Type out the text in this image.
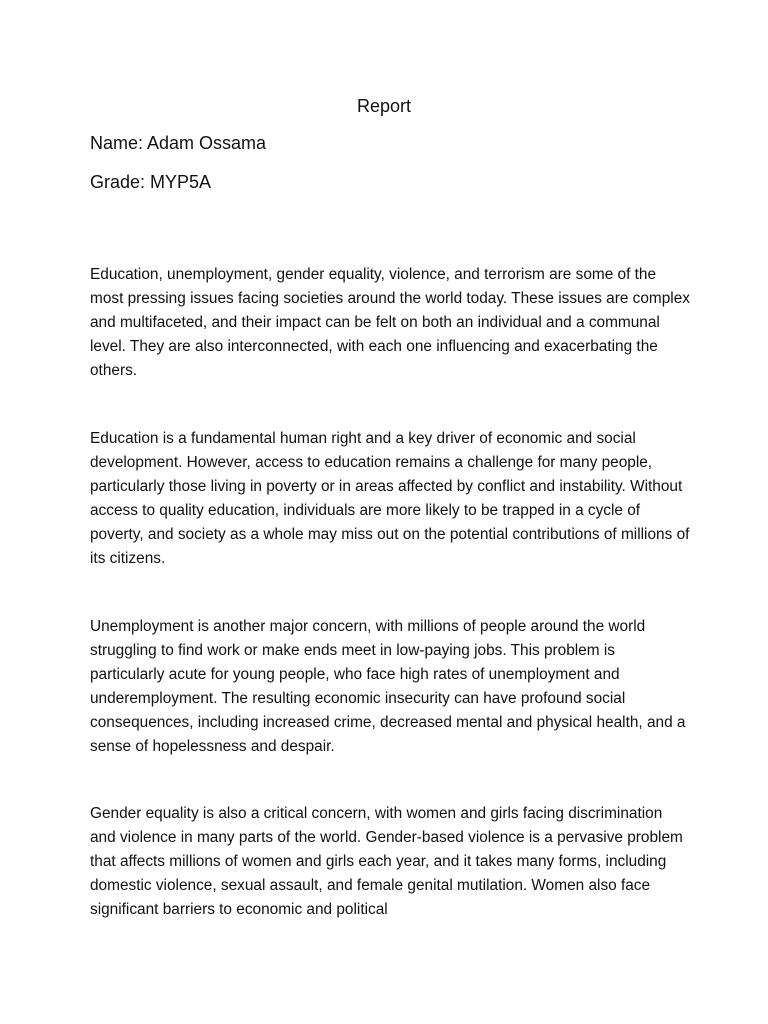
Report

Name: Adam Ossama

Grade: MYP5A

Education, unemployment, gender equality, violence, and terrorism are some of the most pressing issues facing societies around the world today. These issues are complex and multifaceted, and their impact can be felt on both an individual and a communal level. They are also interconnected, with each one influencing and exacerbating the others.

Education is a fundamental human right and a key driver of economic and social development. However, access to education remains a challenge for many people, particularly those living in poverty or in areas affected by conflict and instability. Without access to quality education, individuals are more likely to be trapped in a cycle of poverty, and society as a whole may miss out on the potential contributions of millions of its citizens.

Unemployment is another major concern, with millions of people around the world struggling to find work or make ends meet in low-paying jobs. This problem is particularly acute for young people, who face high rates of unemployment and underemployment. The resulting economic insecurity can have profound social consequences, including increased crime, decreased mental and physical health, and a sense of hopelessness and despair.

Gender equality is also a critical concern, with women and girls facing discrimination and violence in many parts of the world. Gender-based violence is a pervasive problem that affects millions of women and girls each year, and it takes many forms, including domestic violence, sexual assault, and female genital mutilation. Women also face significant barriers to economic and political
